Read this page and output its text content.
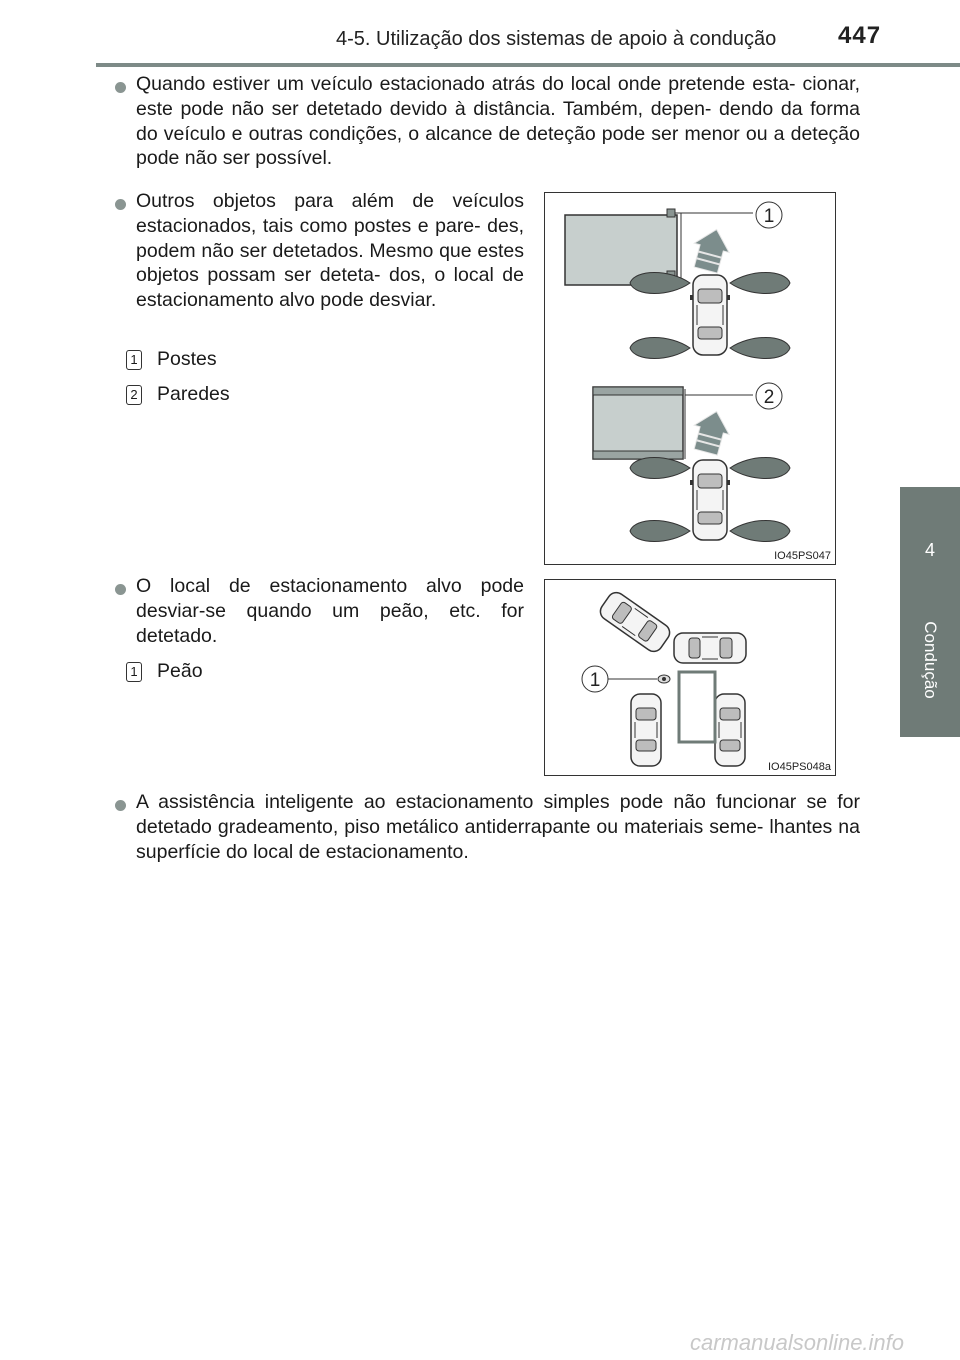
4-5. Utilização dos sistemas de apoio à condução	447
4
Condução
Quando estiver um veículo estacionado atrás do local onde pretende esta- cionar, este pode não ser detetado devido à distância. Também, depen- dendo da forma do veículo e outras condições, o alcance de deteção pode ser menor ou a deteção pode não ser possível.
Outros objetos para além de veículos estacionados, tais como postes e pare- des, podem não ser detetados. Mesmo que estes objetos possam ser deteta- dos, o local de estacionamento alvo pode desviar.
1 Postes
2 Paredes
1
2
IO45PS047
O local de estacionamento alvo pode desviar-se quando um peão, etc. for detetado.
1 Peão	1
IO45PS048a
A assistência inteligente ao estacionamento simples pode não funcionar se for detetado gradeamento, piso metálico antiderrapante ou materiais seme- lhantes na superfície do local de estacionamento.
carmanualsonline.info
